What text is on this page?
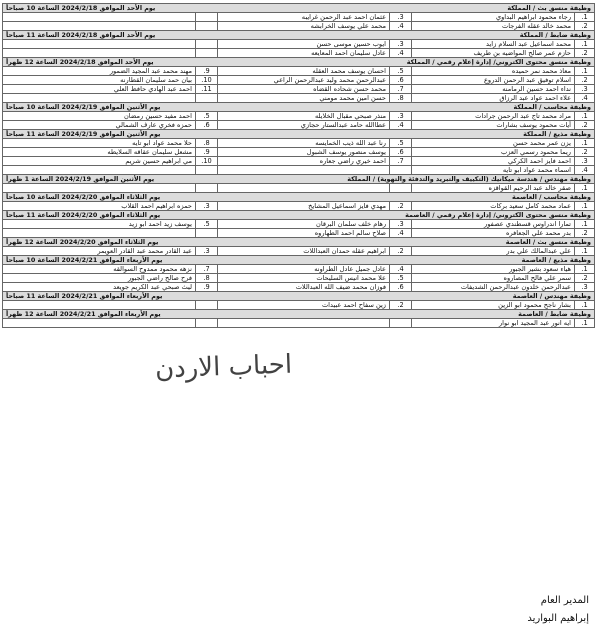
وظيفة منسق بث / المملكة
يوم الأحد الموافق 2024/2/18 الساعة 10 صباحاً					

1.	رجاء محمود ابراهيم البداوي	3.	عثمان احمد عبد الرحمن غرايبه		
2.	محمد خالد عقله الفرجات	4.	محمد علي يوسف الخرابشه		

وظيفة ضابط / المملكة
يوم الأحد الموافق 2024/2/18 الساعة 11 صباحاً					

1.	محمد اسماعيل عبد السلام زايد	3.	ايوب حسين موسى حسن		
2.	حازم عمر صالح المواضيه بن طريف	4.	عادل سليمان احمد المعايعه		

وظيفة منسق محتوى الكتروني/ إدارة إعلام رقمي / المملكة
يوم الأحد الموافق 2024/2/18 الساعة 12 ظهراً					

1.	معاذ محمد نمر حميده	5.	احسان يوسف محمد العقله	9.	مهند محمد عبد المجيد الضمور
2.	اسلام توفيق عبد الرحمن الدروع	6.	عبدالرحمن محمد وليد عبدالرحمن الراعي	10.	بيان حمد سليمان القطارنه
3.	نداء احمد حسين الرمامنه	7.	محمد حسن شحاده القضاه	11.	احمد عبد الهادي حافظ العلي
4.	علاء احمد عواد عبد الرزاق	8.	حسن امين محمد مومني		

وظيفة محاسب / المملكة
يوم الأثنين الموافق 2024/2/19 الساعة 10 صباحاً					

1.	مراد محمد تاج عبد الرحمن جرادات	3.	منذر صبحي مقبال الخلايله	5.	احمد مفيد حسين رمضان
2.	آيات محمود يوسف بشارات	4.	عطاالله حامد عبدالستار حجازي	6.	حمزه فخري عارف الشمالي

وظيفة مذيع / المملكة
يوم الأثنين الموافق 2024/2/19 الساعة 11 صباحاً					

1.	يزن عمر محمد حسن	5.	رنا عبد الله ذيب الخمايسه	8.	حلا محمد عواد ابو تايه
2.	ريما محمود رسمي العزب	6.	يوسف منصور يوسف الشبول	9.	مشعل سليمان عقاقه السلايطه
3.	احمد فايز احمد الكركي	7.	احمد خيري راضي جعاره	10.	مي ابراهيم حسين شريم
4.	اسماء محمد عواد ابو تايه				

وظيفة مهندس / هندسة ميكانيك (التكييف والتبريد والتدفئة والتهوية) / المملكة
يوم الأثنين الموافق 2024/2/19 الساعة 1 ظهراً					

1.	صقر خالد عبد الرحيم القواقزه				

وظيفة محاسب / العاصمة
يوم الثلاثاء الموافق 2024/2/20 الساعة 10 صباحاً					

1.	عماد محمد كامل سعيد بركات	2.	مهدي فايز اسماعيل المشايخ	3.	حمزه ابراهيم احمد القلاب

وظيفة منسق محتوى الكتروني/ إدارة إعلام رقمي / العاصمة
يوم الثلاثاء الموافق 2024/2/20 الساعة 11 صباحاً					

1.	تمارا اندراوس قسطندي عصفور	3.	رهام خلف سلمان البرقان	5.	يوسف زيد احمد ابو زيد
2.	بدر محمد علي الجعافره	4.	صلاح سالم احمد الطهاروه		

وظيفة منسق بث / العاصمة
يوم الثلاثاء الموافق 2024/2/20 الساعة 12 ظهراً					

1.	علي عبدالمالك علي بدر	2.	ابراهيم عقله حمدان العبداللات	3.	عبد القادر محمد عبد القادر العويمر

وظيفة مذيع / العاصمة
يوم الأربعاء الموافق 2024/2/21 الساعة 10 صباحاً					

1.	هياء سعود بشير الجبور	4.	عادل جميل عادل الطراونه	7.	نزهه محمود ممدوح السوالقه
2.	سمر علي فالح المصاروه	5.	علا محمد انيس السليحات	8.	فرح صالح راضي الجبور
3.	عبدالرحمن خلدون عبدالرحمن الشديفات	6.	فوزان محمد ضيف الله العبداللات	9.	ليث صبحي عبد الكريم جويعد

وظيفة مهندس / العاصمة
يوم الأربعاء الموافق 2024/2/21 الساعة 11 صباحاً					

1.	بشار ناجح محمود ابو الزين	2.	زين سفاح احمد عبيدات		

وظيفة ضابط / العاصمة
يوم الأربعاء الموافق 2024/2/21 الساعة 12 ظهراً					

1.	ايه انور عبد المجيد ابو نوار				
احباب الاردن
المدير العام
إبراهيم البواريد
